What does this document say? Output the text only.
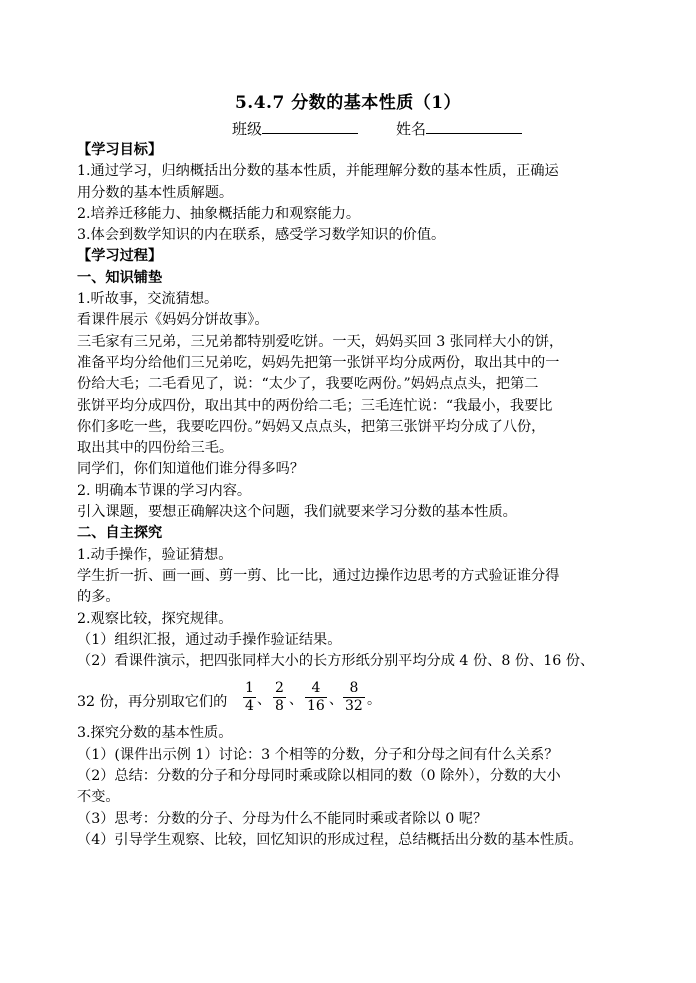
5.4.7 分数的基本性质（1）
班级	姓名

【学习目标】

1.通过学习，归纳概括出分数的基本性质，并能理解分数的基本性质，正确运

用分数的基本性质解题。

2.培养迁移能力、抽象概括能力和观察能力。

3.体会到数学知识的内在联系，感受学习数学知识的价值。

【学习过程】

一、知识铺垫

1.听故事，交流猜想。

看课件展示《妈妈分饼故事》。

三毛家有三兄弟，三兄弟都特别爱吃饼。一天，妈妈买回 3 张同样大小的饼，

准备平均分给他们三兄弟吃，妈妈先把第一张饼平均分成两份，取出其中的一

份给大毛；二毛看见了，说：“太少了，我要吃两份。”妈妈点点头，把第二

张饼平均分成四份，取出其中的两份给二毛；三毛连忙说：“我最小，我要比

你们多吃一些，我要吃四份。”妈妈又点点头，把第三张饼平均分成了八份，

取出其中的四份给三毛。

同学们，你们知道他们谁分得多吗？

2. 明确本节课的学习内容。

引入课题，要想正确解决这个问题，我们就要来学习分数的基本性质。

二、自主探究

1.动手操作，验证猜想。

学生折一折、画一画、剪一剪、比一比，通过边操作边思考的方式验证谁分得

的多。

2.观察比较，探究规律。

（1）组织汇报，通过动手操作验证结果。

（2）看课件演示，把四张同样大小的长方形纸分别平均分成 4 份、8 份、16 份、

32 份，再分别取它们的 $\frac{1}{4}$ 、 $\frac{2}{8}$ 、 $\frac{4}{16}$ 、 $\frac{8}{32}$ 。

3.探究分数的基本性质。

（1）(课件出示例 1）讨论：3 个相等的分数，分子和分母之间有什么关系？

（2）总结：分数的分子和分母同时乘或除以相同的数（0 除外），分数的大小

不变。

（3）思考：分数的分子、分母为什么不能同时乘或者除以 0 呢？

（4）引导学生观察、比较，回忆知识的形成过程，总结概括出分数的基本性质。
